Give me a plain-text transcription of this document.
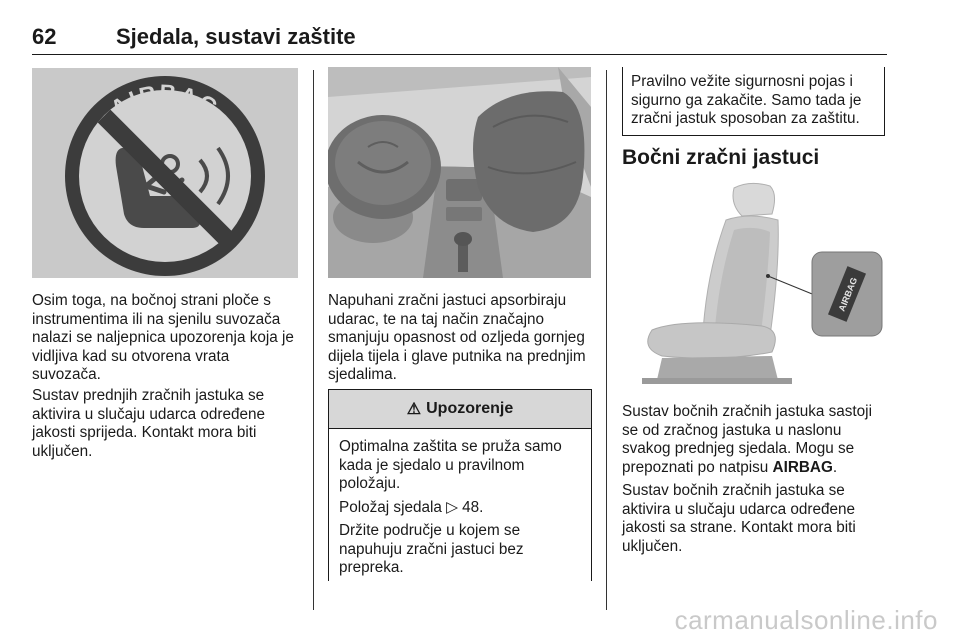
62	Sjedala, sustavi zaštite
AIRBAG

Osim toga, na bočnoj strani ploče s instrumentima ili na sjenilu suvozača nalazi se naljepnica upozorenja koja je vidljiva kad su otvorena vrata suvozača.

Sustav prednjih zračnih jastuka se aktivira u slučaju udarca određene jakosti sprijeda. Kontakt mora biti uključen.

Napuhani zračni jastuci apsorbiraju udarac, te na taj način značajno smanjuju opasnost od ozljeda gornjeg dijela tijela i glave putnika na prednjim sjedalima.

⚠ Upozorenje

Optimalna zaštita se pruža samo kada je sjedalo u pravilnom položaju.

Položaj sjedala ▷ 48.

Držite područje u kojem se napuhuju zračni jastuci bez prepreka.

Pravilno vežite sigurnosni pojas i sigurno ga zakačite. Samo tada je zračni jastuk sposoban za zaštitu.

Bočni zračni jastuci
AIRBAG

Sustav bočnih zračnih jastuka sastoji se od zračnog jastuka u naslonu svakog prednjeg sjedala. Mogu se prepoznati po natpisu AIRBAG.

Sustav bočnih zračnih jastuka se aktivira u slučaju udarca određene jakosti sa strane. Kontakt mora biti uključen.

carmanualsonline.info
